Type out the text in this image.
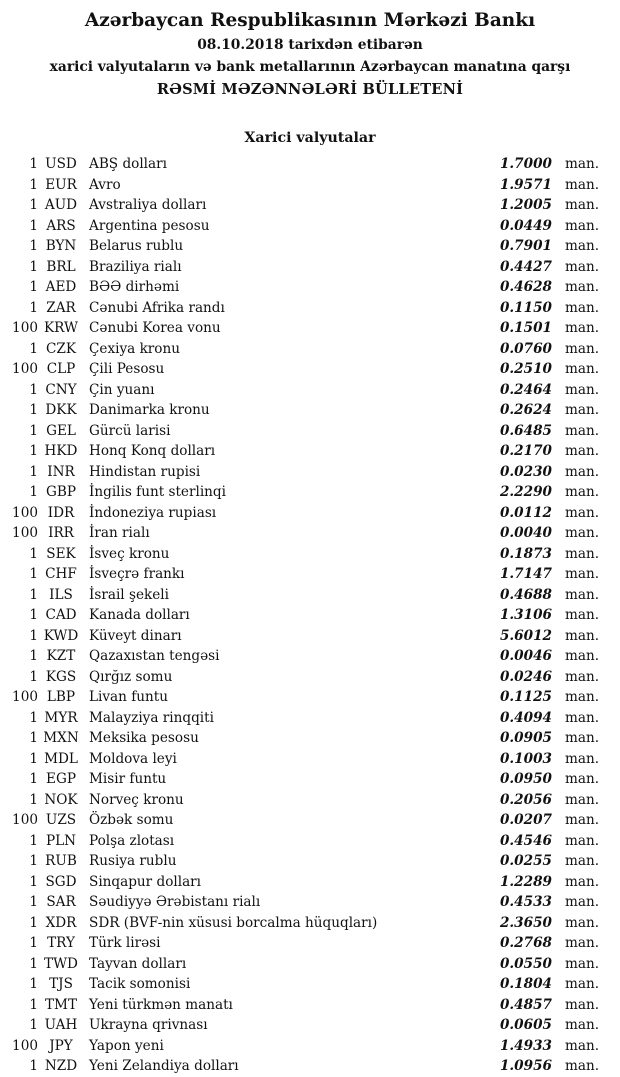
Azərbaycan Respublikasının Mərkəzi Bankı
08.10.2018 tarixdən etibarən
xarici valyutaların və bank metallarının Azərbaycan manatına qarşı
RƏSMİ MƏZƏNNƏLƏRİ BÜLLETENİ
Xarici valyutalar
1 USD ABŞ dolları	1.7000 man.
1 EUR Avro	1.9571 man.
1 AUD Avstraliya dolları	1.2005 man.
1 ARS Argentina pesosu	0.0449 man.
1 BYN Belarus rublu	0.7901 man.
1 BRL Braziliya rialı	0.4427 man.
1 AED BƏƏ dirhəmi	0.4628 man.
1 ZAR Cənubi Afrika randı	0.1150 man.
100 KRW Cənubi Korea vonu	0.1501 man.
1 CZK Çexiya kronu	0.0760 man.
100 CLP	Çili Pesosu	0.2510 man.
1 CNY Çin yuanı	0.2464 man.
1 DKK Danimarka kronu	0.2624 man.
1 GEL Gürcü larisi	0.6485 man.
1 HKD Honq Konq dolları	0.2170 man.
1 INR	Hindistan rupisi	0.0230 man.
1 GBP İngilis funt sterlinqi	2.2290 man.
100 IDR	İndoneziya rupiası	0.0112 man.
100 IRR	İran rialı	0.0040 man.
1 SEK İsveç kronu	0.1873 man.
1 CHF İsveçrə frankı	1.7147 man.
1 ILS	İsrail şekeli	0.4688 man.
1 CAD Kanada dolları	1.3106 man.
1 KWD Küveyt dinarı	5.6012 man.
1 KZT	Qazaxıstan tengəsi	0.0046 man.
1 KGS Qırğız somu	0.0246 man.
100 LBP	Livan funtu	0.1125 man.
1 MYR Malayziya rinqqiti	0.4094 man.
1 MXN Meksika pesosu	0.0905 man.
1 MDL Moldova leyi	0.1003 man.
1 EGP Misir funtu	0.0950 man.
1 NOK Norveç kronu	0.2056 man.
100 UZS Özbək somu	0.0207 man.
1 PLN Polşa zlotası	0.4546 man.
1 RUB Rusiya rublu	0.0255 man.
1 SGD Sinqapur dolları	1.2289 man.
1 SAR Səudiyyə Ərəbistanı rialı	0.4533 man.
1 XDR SDR (BVF-nin xüsusi borcalma hüquqları)	2.3650 man.
1 TRY	Türk lirəsi	0.2768 man.
1 TWD Tayvan dolları	0.0550 man.
1 TJS	Tacik somonisi	0.1804 man.
1 TMT Yeni türkmən manatı	0.4857 man.
1 UAH Ukrayna qrivnası	0.0605 man.
100 JPY	Yapon yeni	1.4933 man.
1 NZD Yeni Zelandiya dolları	1.0956 man.
